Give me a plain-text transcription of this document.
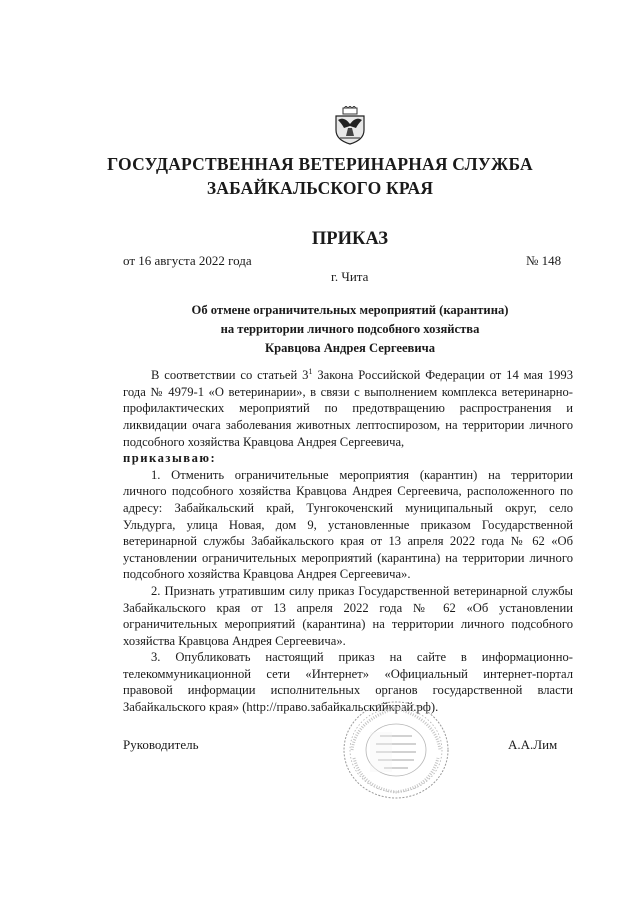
ГОСУДАРСТВЕННАЯ ВЕТЕРИНАРНАЯ СЛУЖБА
ЗАБАЙКАЛЬСКОГО КРАЯ
ПРИКАЗ
от 16 августа 2022 года	№ 148
г. Чита
Об отмене ограничительных мероприятий (карантина)
на территории личного подсобного хозяйства
Кравцова Андрея Сергеевича

В соответствии со статьей $3^1$ Закона Российской Федерации от 14 мая 1993 года № 4979-1 «О ветеринарии», в связи с выполнением комплекса ветеринарно-профилактических мероприятий по предотвращению распространения и ликвидации очага заболевания животных лептоспирозом, на территории личного подсобного хозяйства Кравцова Андрея Сергеевича,

приказываю:

1. Отменить ограничительные мероприятия (карантин) на территории личного подсобного хозяйства Кравцова Андрея Сергеевича, расположенного по адресу: Забайкальский край, Тунгокоченский муниципальный округ, село Ульдурга, улица Новая, дом 9, установленные приказом Государственной ветеринарной службы Забайкальского края от 13 апреля 2022 года № 62 «Об установлении ограничительных мероприятий (карантина) на территории личного подсобного хозяйства Кравцова Андрея Сергеевича».

2. Признать утратившим силу приказ Государственной ветеринарной службы Забайкальского края от 13 апреля 2022 года № 62 «Об установлении ограничительных мероприятий (карантина) на территории личного подсобного хозяйства Кравцова Андрея Сергеевича».

3. Опубликовать настоящий приказ на сайте в информационно-телекоммуникационной сети «Интернет» «Официальный интернет-портал правовой информации исполнительных органов государственной власти Забайкальского края» (http://право.забайкальскийкрай.рф).

Руководитель	А.А.Лим
